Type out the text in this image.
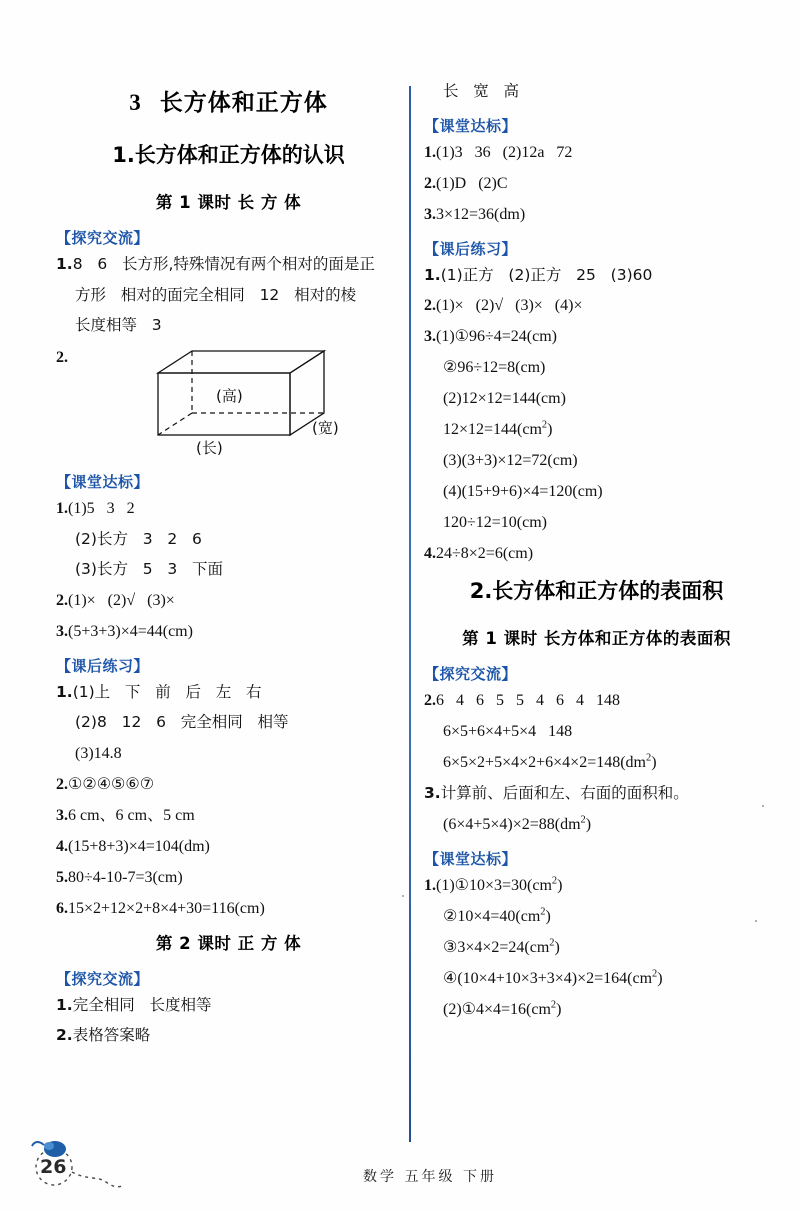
3 长方体和正方体
1.长方体和正方体的认识
第 1 课时 长 方 体
【探究交流】

1.8   6   长方形,特殊情况有两个相对的面是正

方形   相对的面完全相同   12   相对的棱

长度相等   3

2.
(高)
(宽)
(长)
【课堂达标】

1.(1)5   3   2

(2)长方   3   2   6

(3)长方   5   3   下面

2.(1)×   (2)√   (3)×

3.(5+3+3)×4=44(cm)

【课后练习】

1.(1)上   下   前   后   左   右

(2)8   12   6   完全相同   相等

(3)14.8

2.①②④⑤⑥⑦

3.6 cm、6 cm、5 cm

4.(15+8+3)×4=104(dm)

5.80÷4-10-7=3(cm)

6.15×2+12×2+8×4+30=116(cm)

第 2 课时 正 方 体
【探究交流】

1.完全相同   长度相等

2.表格答案略

长   宽   高

【课堂达标】

1.(1)3   36   (2)12a   72

2.(1)D   (2)C

3.3×12=36(dm)

【课后练习】

1.(1)正方   (2)正方   25   (3)60

2.(1)×   (2)√   (3)×   (4)×

3.(1)①96÷4=24(cm)

②96÷12=8(cm)

(2)12×12=144(cm)

$12\times 12=144(cm^2)$

(3)(3+3)×12=72(cm)

(4)(15+9+6)×4=120(cm)

120÷12=10(cm)

4.24÷8×2=6(cm)

2.长方体和正方体的表面积
第 1 课时 长方体和正方体的表面积
【探究交流】

2.6   4   6   5   5   4   6   4   148

6×5+6×4+5×4   148

$6\times 5\times 2+5\times 4\times 2+6\times 4\times 2=148(dm^2)$

3.计算前、后面和左、右面的面积和。

$(6\times 4+5\times 4)\times 2=88(dm^2)$

【课堂达标】

$1.(1)①10\times 3=30(cm^2)$

$②10\times 4=40(cm^2)$

$③3\times 4\times 2=24(cm^2)$

$④(10\times 4+10\times 3+3\times 4)\times 2=164(cm^2)$

$(2)①4\times 4=16(cm^2)$

26	数学 五年级 下册
